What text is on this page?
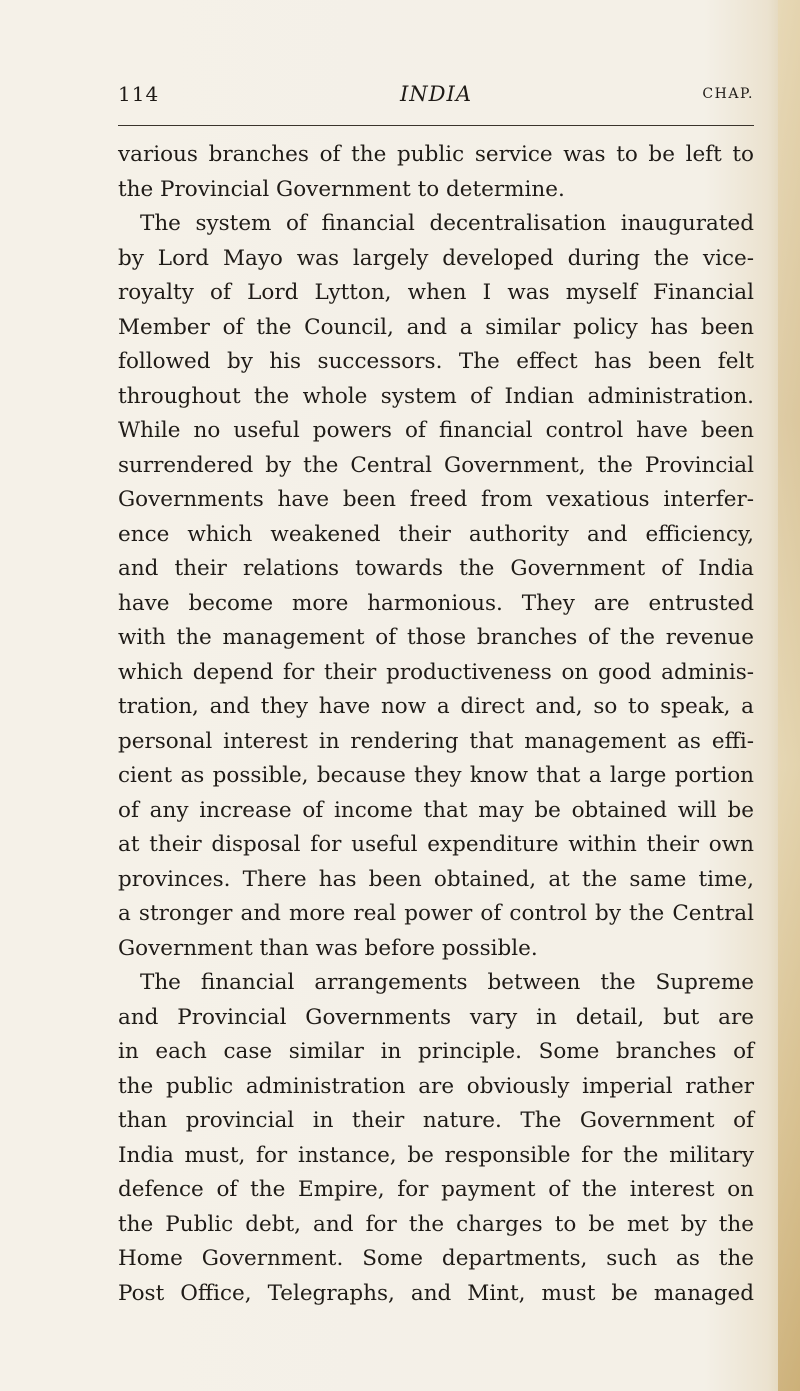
114	INDIA	CHAP.
various branches of the public service was to be left to
the Provincial Government to determine.
The system of financial decentralisation inaugurated
by Lord Mayo was largely developed during the vice-
royalty of Lord Lytton, when I was myself Financial
Member of the Council, and a similar policy has been
followed by his successors. The effect has been felt
throughout the whole system of Indian administration.
While no useful powers of financial control have been
surrendered by the Central Government, the Provincial
Governments have been freed from vexatious interfer-
ence which weakened their authority and efficiency,
and their relations towards the Government of India
have become more harmonious. They are entrusted
with the management of those branches of the revenue
which depend for their productiveness on good adminis-
tration, and they have now a direct and, so to speak, a
personal interest in rendering that management as effi-
cient as possible, because they know that a large portion
of any increase of income that may be obtained will be
at their disposal for useful expenditure within their own
provinces. There has been obtained, at the same time,
a stronger and more real power of control by the Central
Government than was before possible.
The financial arrangements between the Supreme
and Provincial Governments vary in detail, but are
in each case similar in principle. Some branches of
the public administration are obviously imperial rather
than provincial in their nature. The Government of
India must, for instance, be responsible for the military
defence of the Empire, for payment of the interest on
the Public debt, and for the charges to be met by the
Home Government. Some departments, such as the
Post Office, Telegraphs, and Mint, must be managed
